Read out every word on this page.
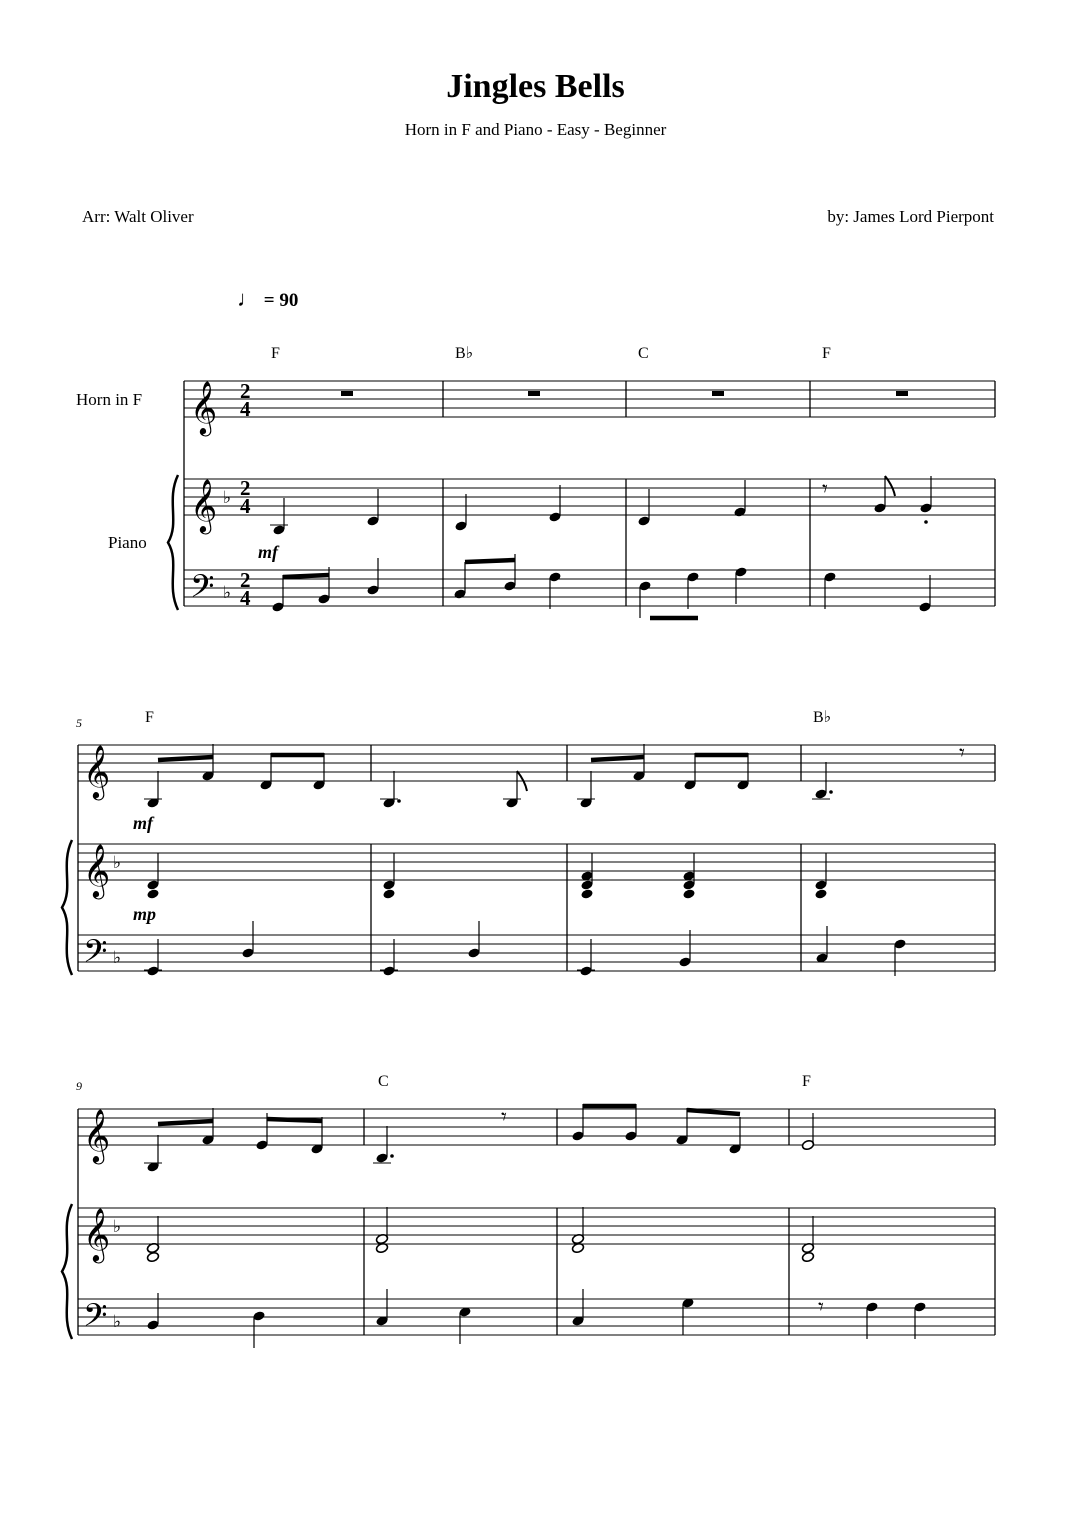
Jingles Bells
Horn in F and Piano - Easy - Beginner
Arr: Walt Oliver	by: James Lord Pierpont
♩ = 90
Horn in F
Piano
5
9
F	B♭	C	F
F	B♭
C	F
mf
mf
mp
2
4
2
4
2
4
𝄞
𝄞
𝄢
♭
♭
𝄾
𝄞
𝄞
𝄢
♭
♭
𝄾
𝄞
𝄞
𝄢
♭
♭
𝄾
𝄾
